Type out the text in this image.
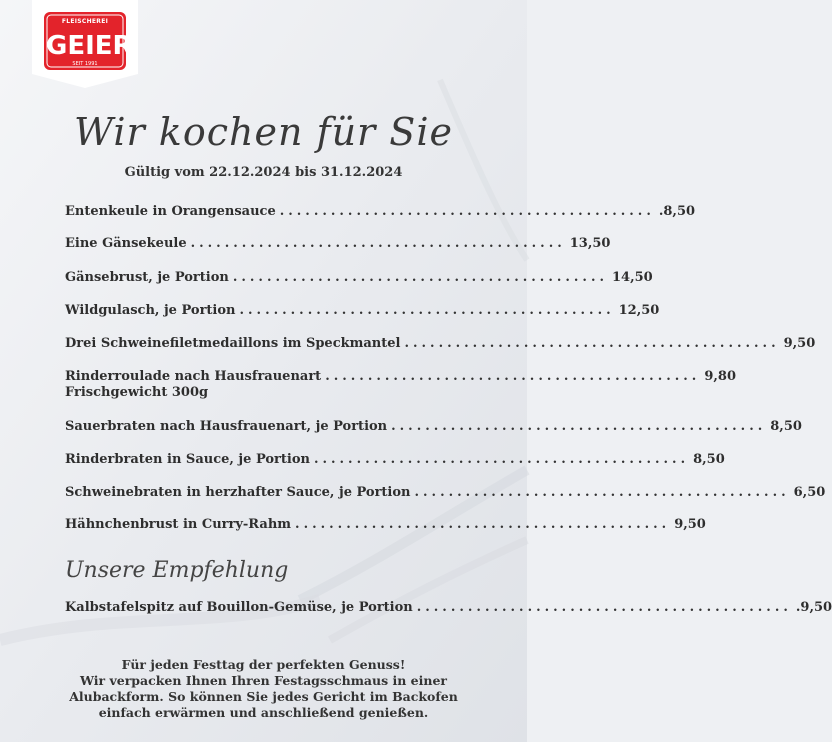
FLEISCHEREI
GEIER
SEIT 1991
Wir kochen für Sie
Gültig vom 22.12.2024 bis 31.12.2024
Entenkeule in Orangensauce ............................................ .8,50
Eine Gänsekeule ............................................ 13,50
Gänsebrust, je Portion ............................................ 14,50
Wildgulasch, je Portion ............................................ 12,50
Drei Schweinefiletmedaillons im Speckmantel ............................................ 9,50
Rinderroulade nach Hausfrauenart ............................................ 9,80
Frischgewicht 300g
Sauerbraten nach Hausfrauenart, je Portion ............................................ 8,50
Rinderbraten in Sauce, je Portion ............................................ 8,50
Schweinebraten in herzhafter Sauce, je Portion ............................................ 6,50
Hähnchenbrust in Curry-Rahm ............................................ 9,50
Unsere Empfehlung
Kalbstafelspitz auf Bouillon-Gemüse, je Portion ............................................ .9,50
Für jeden Festtag der perfekten Genuss!
Wir verpacken Ihnen Ihren Festagsschmaus in einer
Alubackform. So können Sie jedes Gericht im Backofen
einfach erwärmen und anschließend genießen.
